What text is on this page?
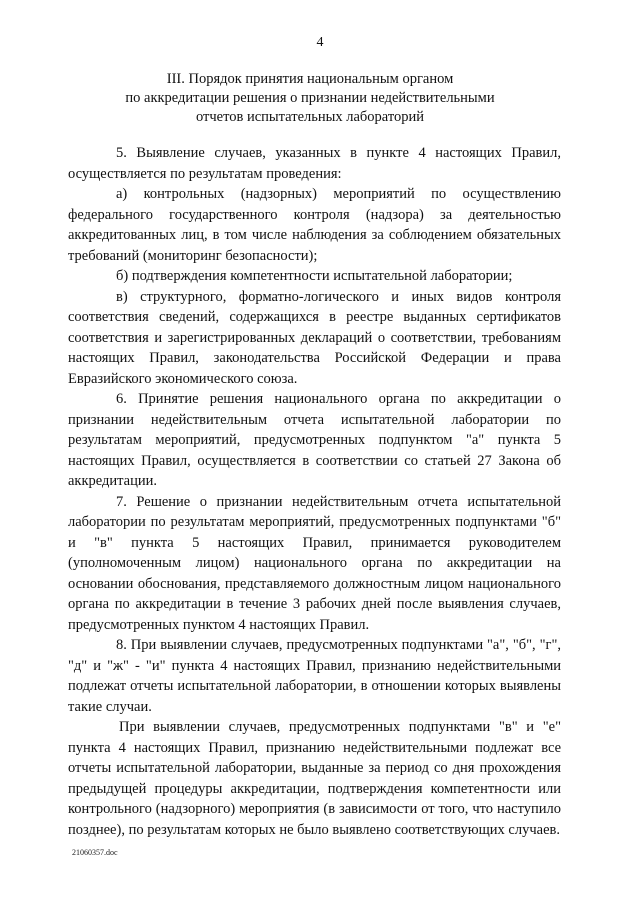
4
III. Порядок принятия национальным органом
по аккредитации решения о признании недействительными
отчетов испытательных лабораторий

5. Выявление случаев, указанных в пункте 4 настоящих Правил, осуществляется по результатам проведения:

а) контрольных (надзорных) мероприятий по осуществлению федерального государственного контроля (надзора) за деятельностью аккредитованных лиц, в том числе наблюдения за соблюдением обязательных требований (мониторинг безопасности);

б) подтверждения компетентности испытательной лаборатории;

в) структурного, форматно-логического и иных видов контроля соответствия сведений, содержащихся в реестре выданных сертификатов соответствия и зарегистрированных деклараций о соответствии, требованиям настоящих Правил, законодательства Российской Федерации и права Евразийского экономического союза.

6. Принятие решения национального органа по аккредитации о признании недействительным отчета испытательной лаборатории по результатам мероприятий, предусмотренных подпунктом "а" пункта 5 настоящих Правил, осуществляется в соответствии со статьей 27 Закона об аккредитации.

7. Решение о признании недействительным отчета испытательной лаборатории по результатам мероприятий, предусмотренных подпунктами "б" и "в" пункта 5 настоящих Правил, принимается руководителем (уполномоченным лицом) национального органа по аккредитации на основании обоснования, представляемого должностным лицом национального органа по аккредитации в течение 3 рабочих дней после выявления случаев, предусмотренных пунктом 4 настоящих Правил.

8. При выявлении случаев, предусмотренных подпунктами "а", "б", "г", "д" и "ж" - "и" пункта 4 настоящих Правил, признанию недействительными подлежат отчеты испытательной лаборатории, в отношении которых выявлены такие случаи.

При выявлении случаев, предусмотренных подпунктами "в" и "е" пункта 4 настоящих Правил, признанию недействительными подлежат все отчеты испытательной лаборатории, выданные за период со дня прохождения предыдущей процедуры аккредитации, подтверждения компетентности или контрольного (надзорного) мероприятия (в зависимости от того, что наступило позднее), по результатам которых не было выявлено соответствующих случаев.

21060357.doc
